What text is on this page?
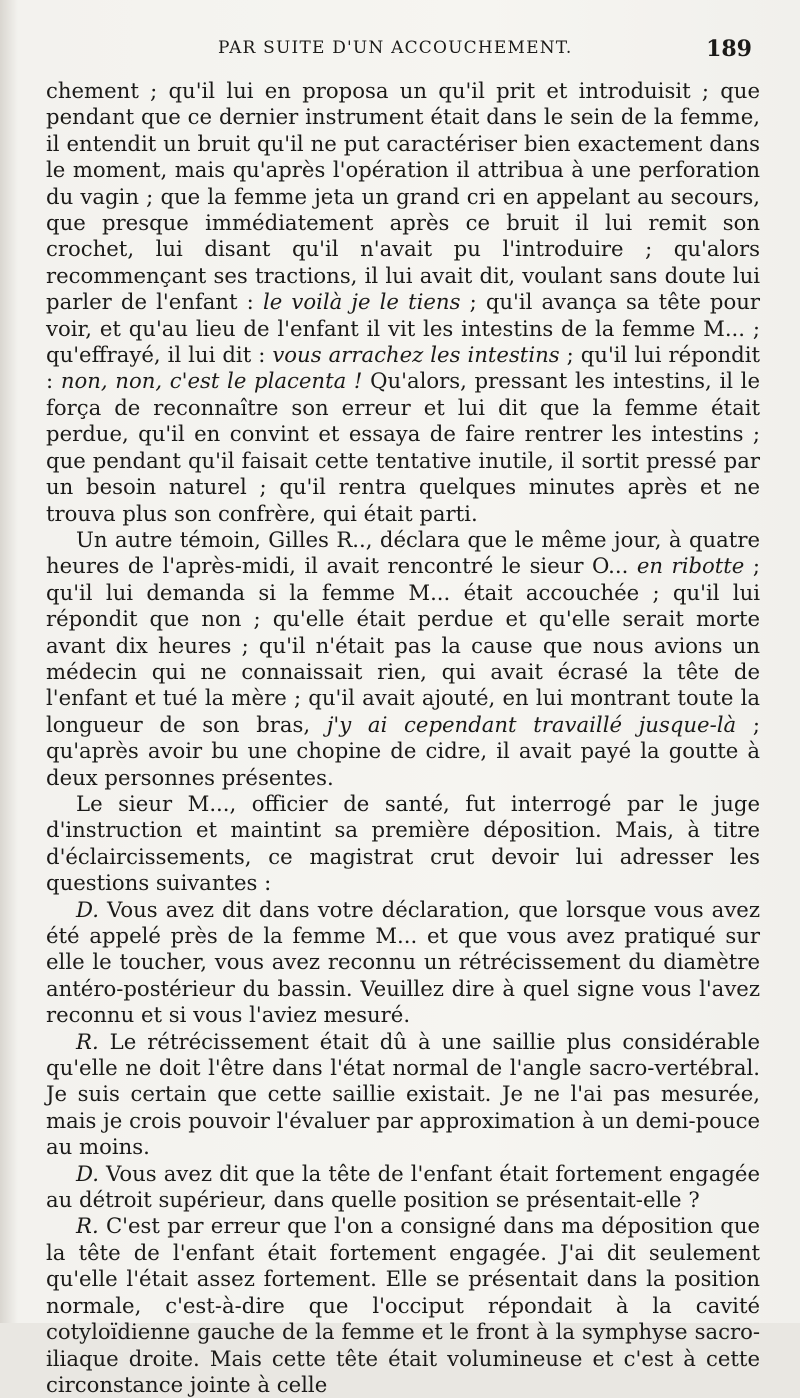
PAR SUITE D'UN ACCOUCHEMENT.	189

chement ; qu'il lui en proposa un qu'il prit et introduisit ; que pendant que ce dernier instrument était dans le sein de la femme, il entendit un bruit qu'il ne put caractériser bien exactement dans le moment, mais qu'après l'opération il attribua à une perforation du vagin ; que la femme jeta un grand cri en appelant au secours, que presque immédiatement après ce bruit il lui remit son crochet, lui disant qu'il n'avait pu l'introduire ; qu'alors recommençant ses tractions, il lui avait dit, voulant sans doute lui parler de l'enfant : le voilà je le tiens ; qu'il avança sa tête pour voir, et qu'au lieu de l'enfant il vit les intestins de la femme M... ; qu'effrayé, il lui dit : vous arrachez les intestins ; qu'il lui répondit : non, non, c'est le placenta ! Qu'alors, pressant les intestins, il le força de reconnaître son erreur et lui dit que la femme était perdue, qu'il en convint et essaya de faire rentrer les intestins ; que pendant qu'il faisait cette tentative inutile, il sortit pressé par un besoin naturel ; qu'il rentra quelques minutes après et ne trouva plus son confrère, qui était parti.

Un autre témoin, Gilles R.., déclara que le même jour, à quatre heures de l'après-midi, il avait rencontré le sieur O... en ribotte ; qu'il lui demanda si la femme M... était accouchée ; qu'il lui répondit que non ; qu'elle était perdue et qu'elle serait morte avant dix heures ; qu'il n'était pas la cause que nous avions un médecin qui ne connaissait rien, qui avait écrasé la tête de l'enfant et tué la mère ; qu'il avait ajouté, en lui montrant toute la longueur de son bras, j'y ai cependant travaillé jusque-là ; qu'après avoir bu une chopine de cidre, il avait payé la goutte à deux personnes présentes.

Le sieur M..., officier de santé, fut interrogé par le juge d'instruction et maintint sa première déposition. Mais, à titre d'éclaircissements, ce magistrat crut devoir lui adresser les questions suivantes :

D. Vous avez dit dans votre déclaration, que lorsque vous avez été appelé près de la femme M... et que vous avez pratiqué sur elle le toucher, vous avez reconnu un rétrécissement du diamètre antéro-postérieur du bassin. Veuillez dire à quel signe vous l'avez reconnu et si vous l'aviez mesuré.

R. Le rétrécissement était dû à une saillie plus considérable qu'elle ne doit l'être dans l'état normal de l'angle sacro-vertébral. Je suis certain que cette saillie existait. Je ne l'ai pas mesurée, mais je crois pouvoir l'évaluer par approximation à un demi-pouce au moins.

D. Vous avez dit que la tête de l'enfant était fortement engagée au détroit supérieur, dans quelle position se présentait-elle ?

R. C'est par erreur que l'on a consigné dans ma déposition que la tête de l'enfant était fortement engagée. J'ai dit seulement qu'elle l'était assez fortement. Elle se présentait dans la position normale, c'est-à-dire que l'occiput répondait à la cavité cotyloïdienne gauche de la femme et le front à la symphyse sacro-iliaque droite. Mais cette tête était volumineuse et c'est à cette circonstance jointe à celle
